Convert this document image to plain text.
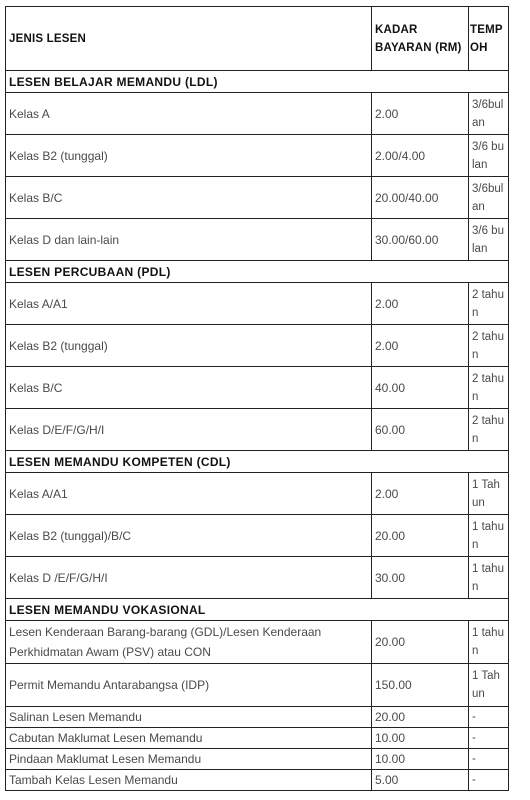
JENIS LESEN	KADAR BAYARAN (RM)	TEMPOH
LESEN BELAJAR MEMANDU (LDL)		
Kelas A	2.00	3/6bulan
Kelas B2 (tunggal)	2.00/4.00	3/6 bulan
Kelas B/C	20.00/40.00	3/6bulan
Kelas D dan lain-lain	30.00/60.00	3/6 bulan
LESEN PERCUBAAN (PDL)		
Kelas A/A1	2.00	2 tahun
Kelas B2 (tunggal)	2.00	2 tahun
Kelas B/C	40.00	2 tahun
Kelas D/E/F/G/H/I	60.00	2 tahun
LESEN MEMANDU KOMPETEN (CDL)		
Kelas A/A1	2.00	1 Tahun
Kelas B2 (tunggal)/B/C	20.00	1 tahun
Kelas D /E/F/G/H/I	30.00	1 tahun
LESEN MEMANDU VOKASIONAL		
Lesen Kenderaan Barang-barang (GDL)/Lesen Kenderaan Perkhidmatan Awam (PSV) atau CON	20.00	1 tahun
Permit Memandu Antarabangsa (IDP)	150.00	1 Tahun
Salinan Lesen Memandu	20.00	-
Cabutan Maklumat Lesen Memandu	10.00	-
Pindaan Maklumat Lesen Memandu	10.00	-
Tambah Kelas Lesen Memandu	5.00	-
